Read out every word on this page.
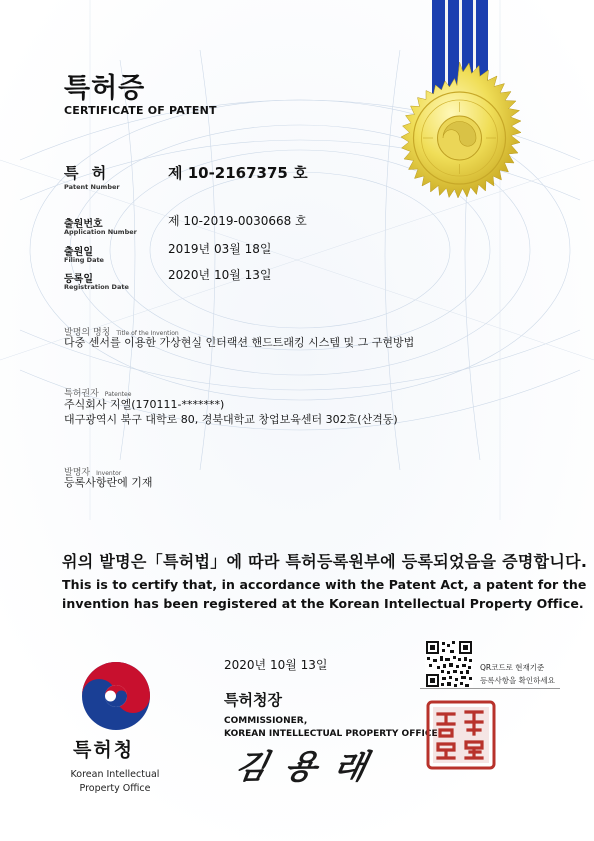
특허증
CERTIFICATE OF PATENT
특 허
Patent Number
제 10-2167375 호
출원번호
Application Number
제 10-2019-0030668 호
출원일
Filing Date
2019년 03월 18일
등록일
Registration Date
2020년 10월 13일
발명의 명칭 Title of the Invention
다중 센서를 이용한 가상현실 인터랙션 핸드트래킹 시스템 및 그 구현방법
특허권자 Patentee
주식회사 지엘(170111-*******)
대구광역시 북구 대학로 80, 경북대학교 창업보육센터 302호(산격동)
발명자 Inventor
등록사항란에 기재
위의 발명은「특허법」에 따라 특허등록원부에 등록되었음을 증명합니다.
This is to certify that, in accordance with the Patent Act, a patent for the
invention has been registered at the Korean Intellectual Property Office.
2020년 10월 13일	QR코드로 현재기준
등록사항을 확인하세요
특허청장
COMMISSIONER,
KOREAN INTELLECTUAL PROPERTY OFFICE
김 용 래
특허청
Korean Intellectual
Property Office
